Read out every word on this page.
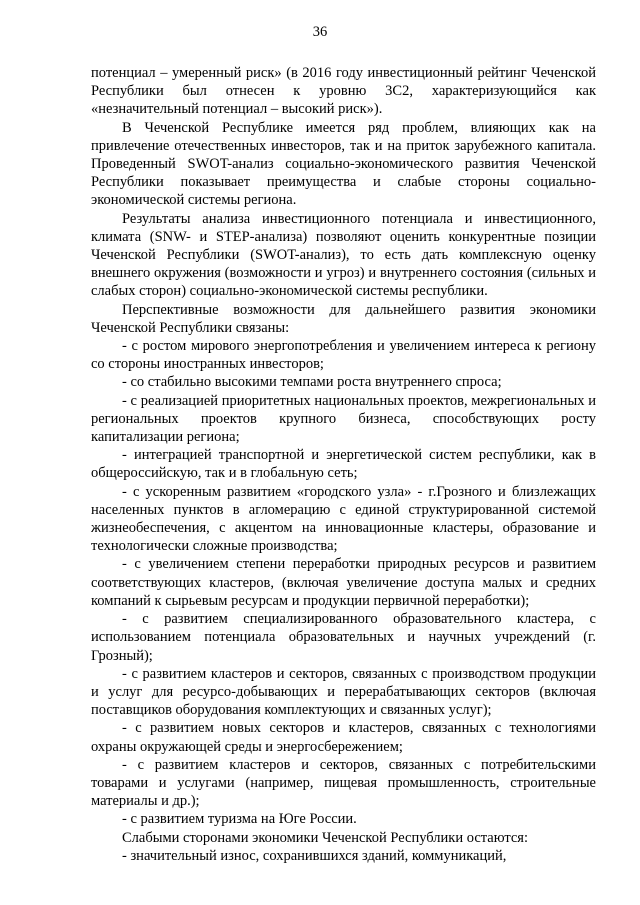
36

потенциал – умеренный риск» (в 2016 году инвестиционный рейтинг Чеченской Республики был отнесен к уровню 3С2, характеризующийся как «незначительный потенциал – высокий риск»).

В Чеченской Республике имеется ряд проблем, влияющих как на привлечение отечественных инвесторов, так и на приток зарубежного капитала. Проведенный SWOT-анализ социально-экономического развития Чеченской Республики показывает преимущества и слабые стороны социально-экономической системы региона.

Результаты анализа инвестиционного потенциала и инвестиционного, климата (SNW- и STEP-анализа) позволяют оценить конкурентные позиции Чеченской Республики (SWOT-анализ), то есть дать комплексную оценку внешнего окружения (возможности и угроз) и внутреннего состояния (сильных и слабых сторон) социально-экономической системы республики.

Перспективные возможности для дальнейшего развития экономики Чеченской Республики связаны:

- с ростом мирового энергопотребления и увеличением интереса к региону со стороны иностранных инвесторов;

- со стабильно высокими темпами роста внутреннего спроса;

- с реализацией приоритетных национальных проектов, межрегиональных и региональных проектов крупного бизнеса, способствующих росту капитализации региона;

- интеграцией транспортной и энергетической систем республики, как в общероссийскую, так и в глобальную сеть;

- с ускоренным развитием «городского узла» - г.Грозного и близлежащих населенных пунктов в агломерацию с единой структурированной системой жизнеобеспечения, с акцентом на инновационные кластеры, образование и технологически сложные производства;

- с увеличением степени переработки природных ресурсов и развитием соответствующих кластеров, (включая увеличение доступа малых и средних компаний к сырьевым ресурсам и продукции первичной переработки);

- с развитием специализированного образовательного кластера, с использованием потенциала образовательных и научных учреждений (г. Грозный);

- с развитием кластеров и секторов, связанных с производством продукции и услуг для ресурсо-добывающих и перерабатывающих секторов (включая поставщиков оборудования комплектующих и связанных услуг);

- с развитием новых секторов и кластеров, связанных с технологиями охраны окружающей среды и энергосбережением;

- с развитием кластеров и секторов, связанных с потребительскими товарами и услугами (например, пищевая промышленность, строительные материалы и др.);

- с развитием туризма на Юге России.

Слабыми сторонами экономики Чеченской Республики остаются:

- значительный износ, сохранившихся зданий, коммуникаций,
